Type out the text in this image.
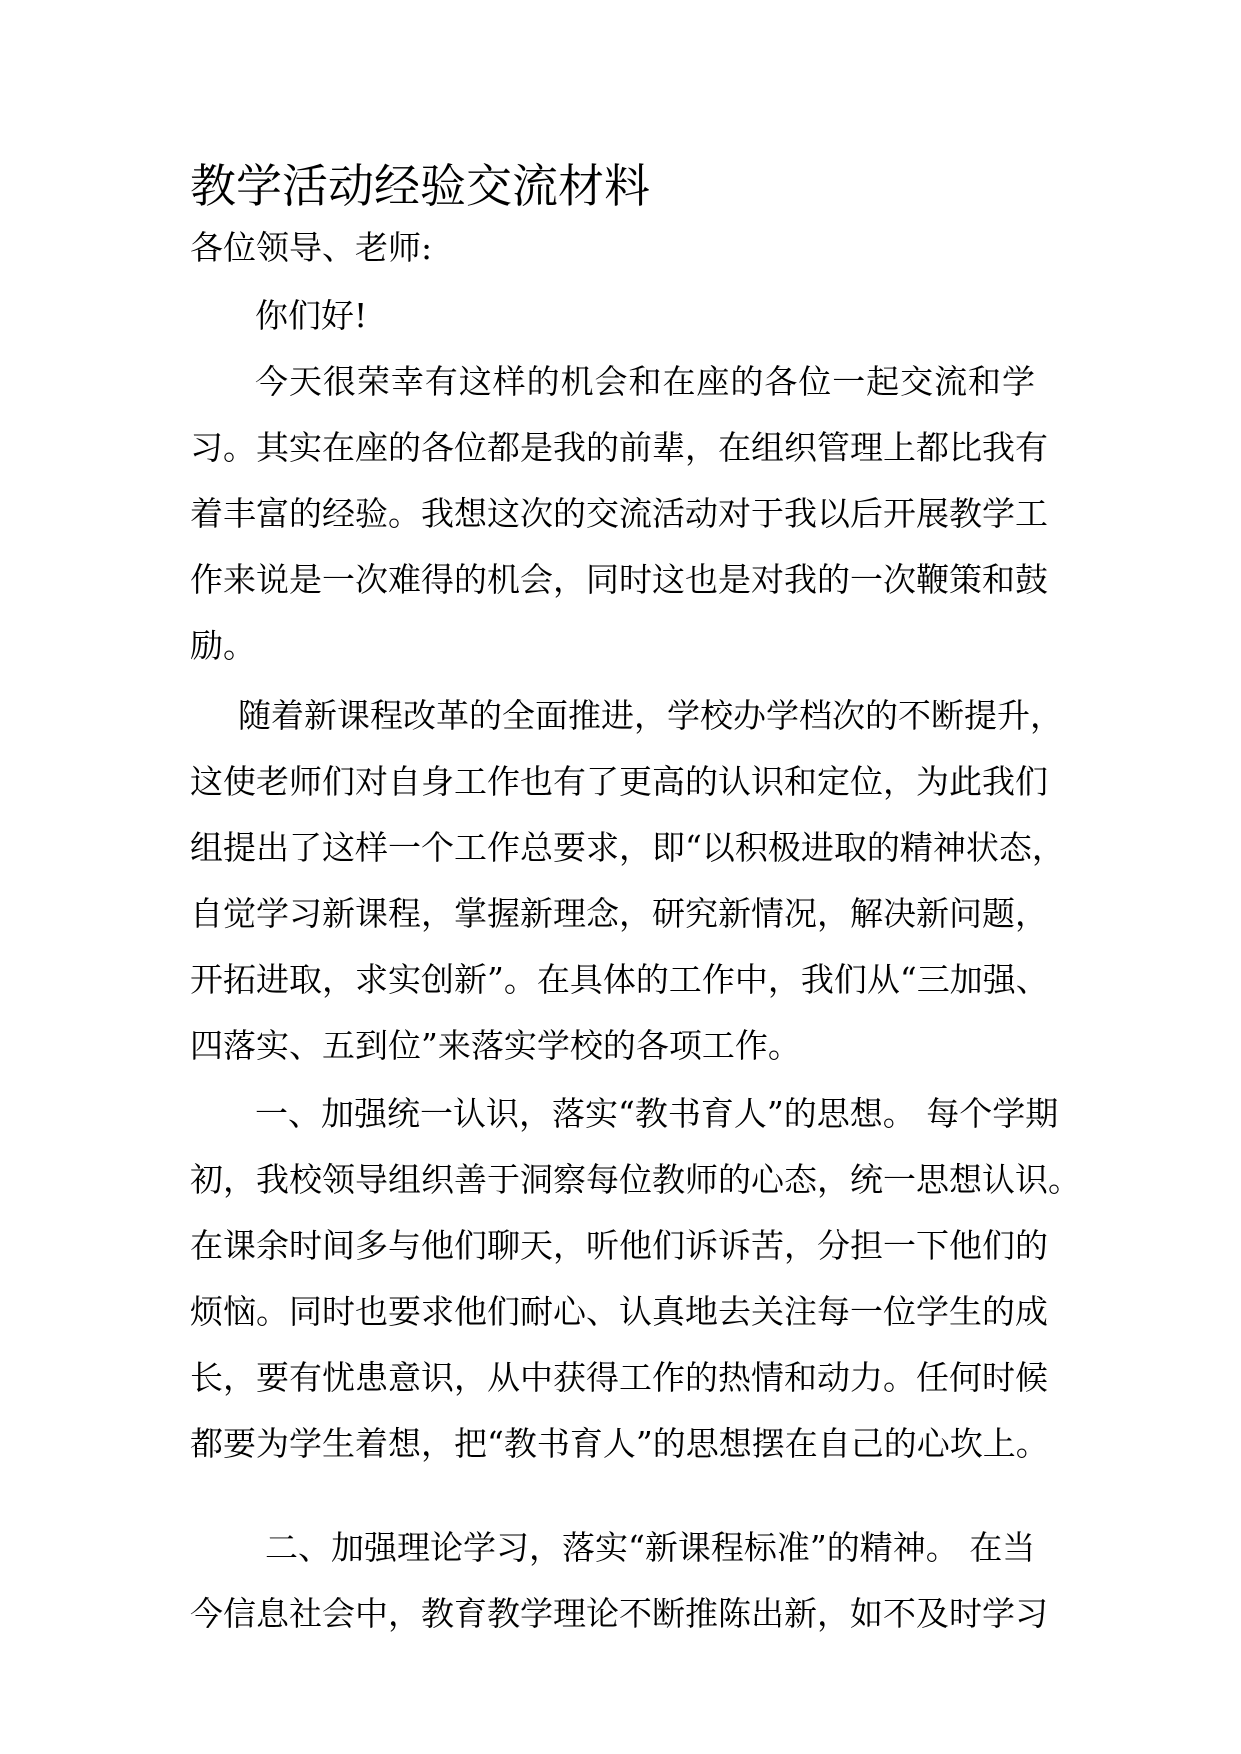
教学活动经验交流材料
各位领导、老师:
你们好!
今天很荣幸有这样的机会和在座的各位一起交流和学
习。其实在座的各位都是我的前辈，在组织管理上都比我有
着丰富的经验。我想这次的交流活动对于我以后开展教学工
作来说是一次难得的机会，同时这也是对我的一次鞭策和鼓
励。
随着新课程改革的全面推进，学校办学档次的不断提升，
这使老师们对自身工作也有了更高的认识和定位，为此我们
组提出了这样一个工作总要求，即“以积极进取的精神状态，
自觉学习新课程，掌握新理念，研究新情况，解决新问题，
开拓进取，求实创新”。在具体的工作中，我们从“三加强、
四落实、五到位”来落实学校的各项工作。
一、加强统一认识，落实“教书育人”的思想。 每个学期
初，我校领导组织善于洞察每位教师的心态，统一思想认识。
在课余时间多与他们聊天，听他们诉诉苦，分担一下他们的
烦恼。同时也要求他们耐心、认真地去关注每一位学生的成
长，要有忧患意识，从中获得工作的热情和动力。任何时候
都要为学生着想，把“教书育人”的思想摆在自己的心坎上。
二、加强理论学习，落实“新课程标准”的精神。 在当
今信息社会中，教育教学理论不断推陈出新，如不及时学习
